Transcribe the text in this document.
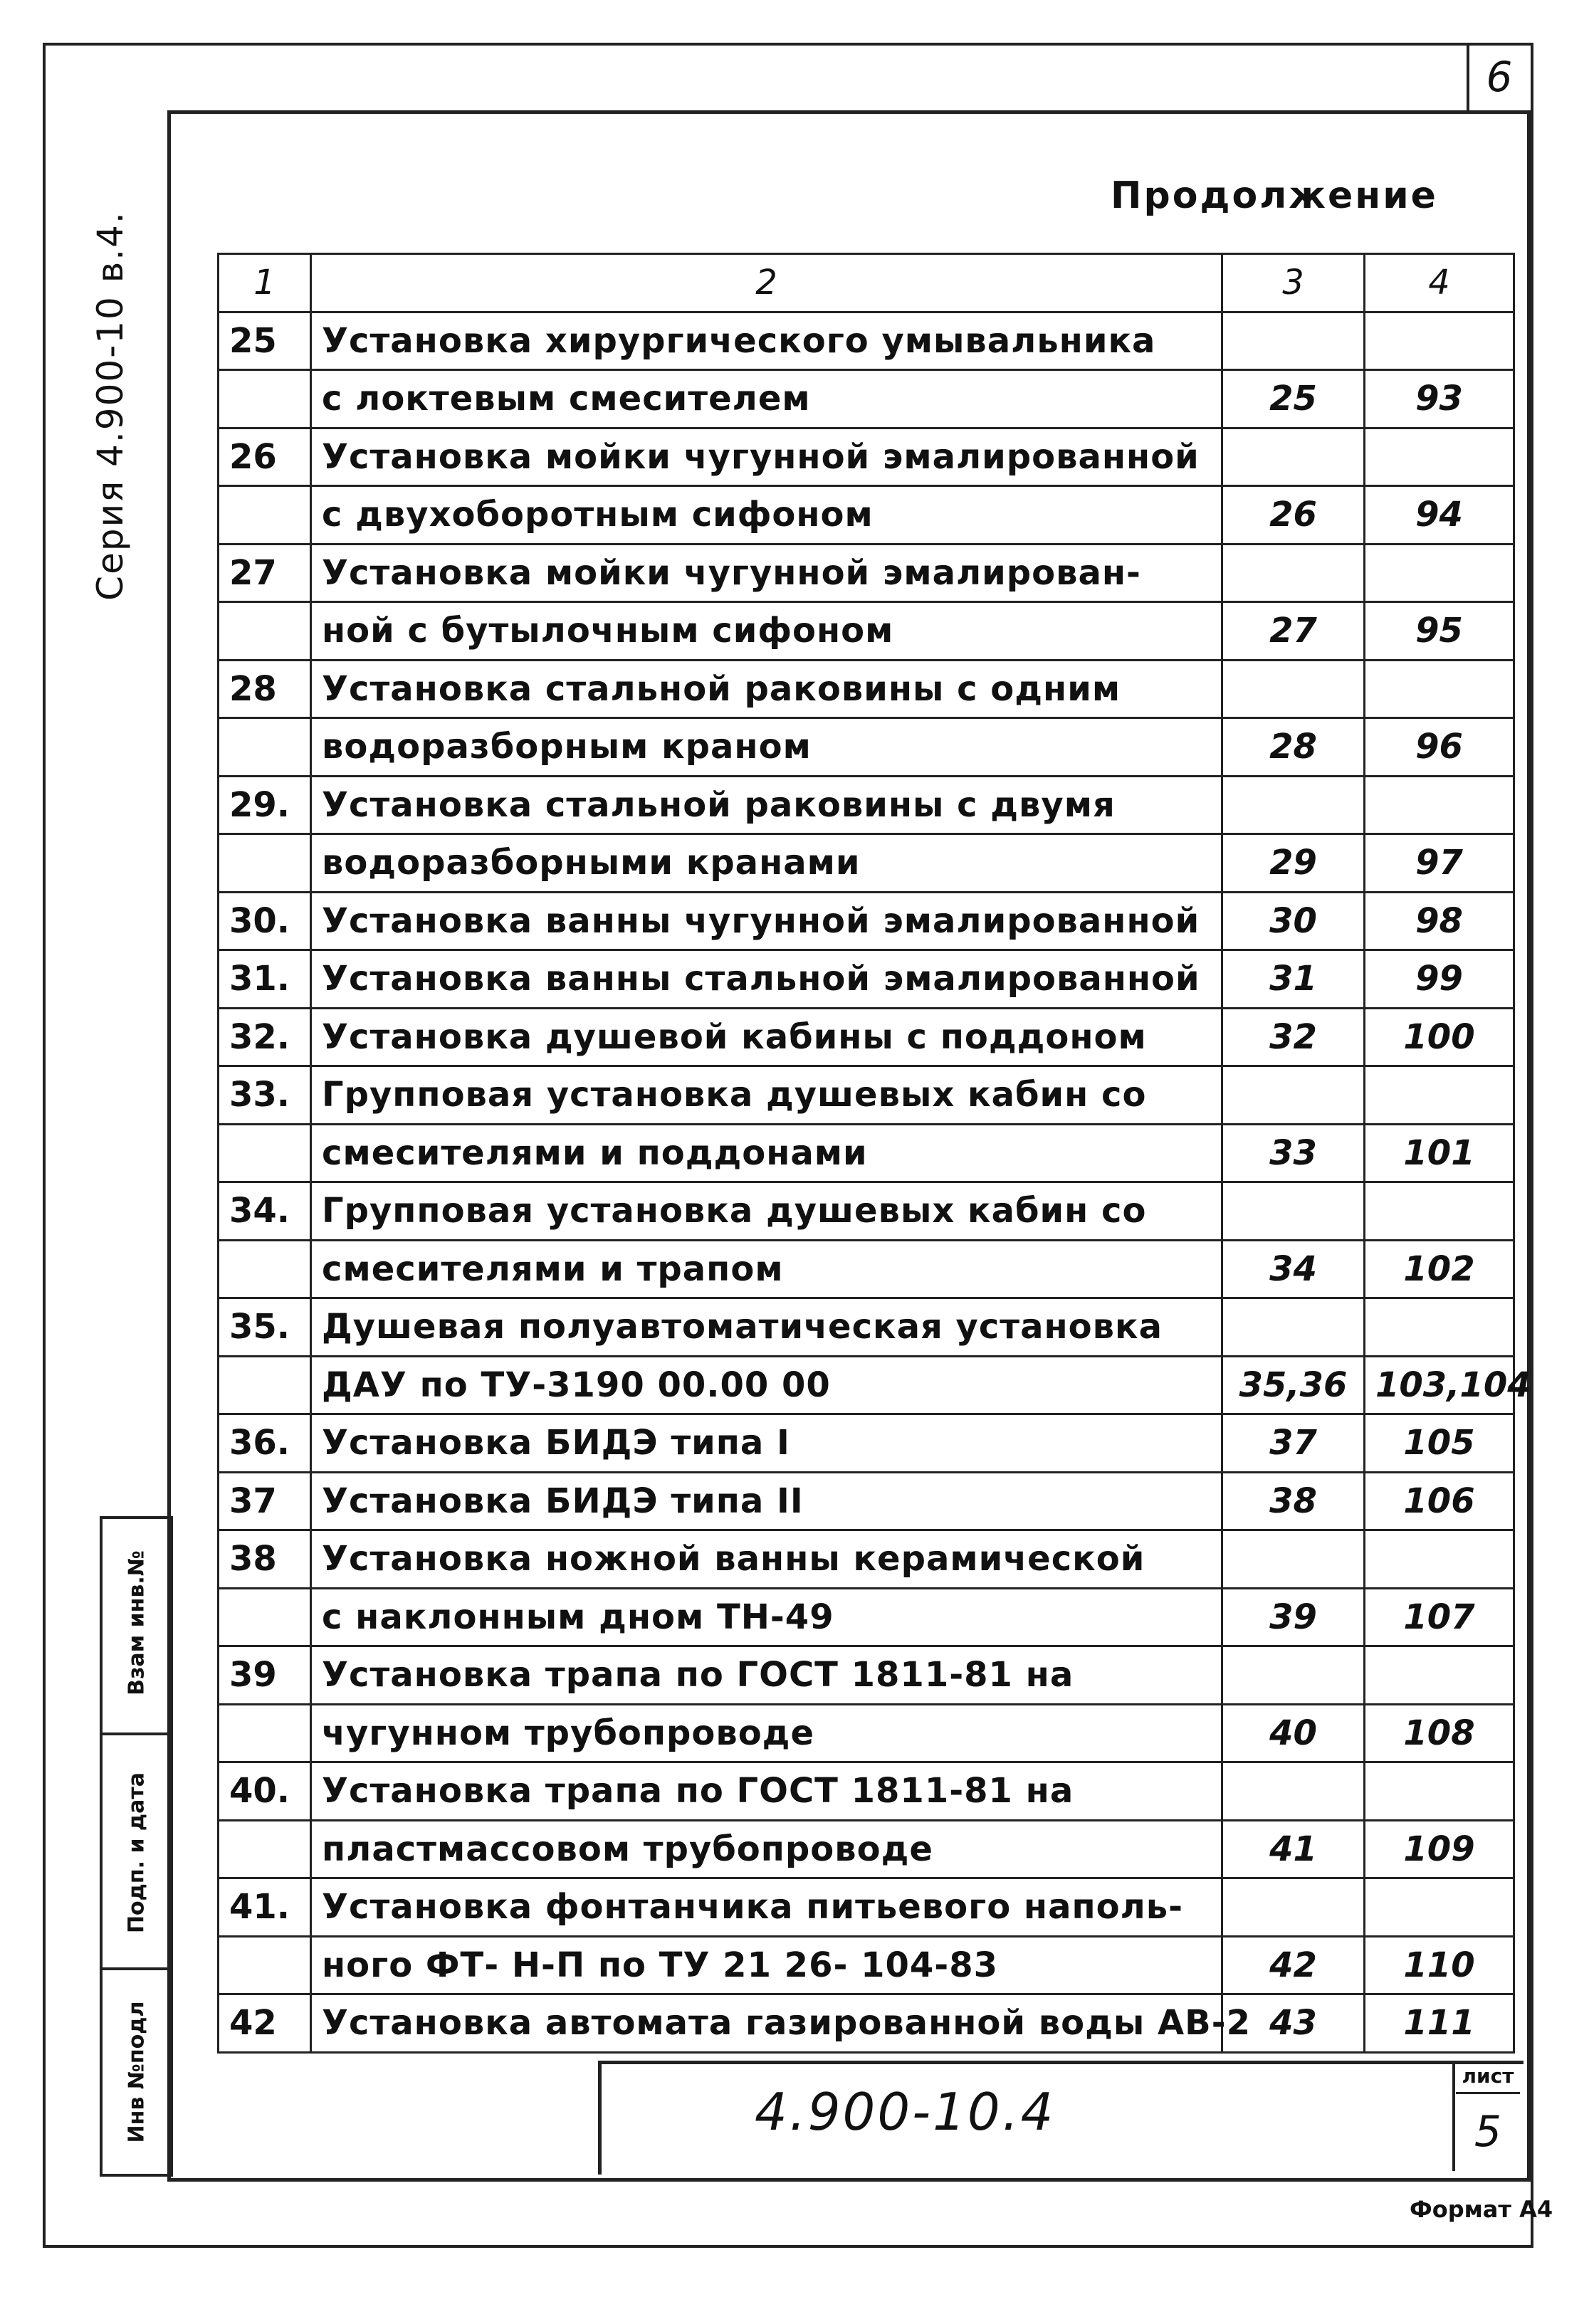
6
Серия 4.900-10 в.4.
Продолжение
1	2	3	4
25	Установка хирургического умывальника		
	с локтевым смесителем	25	93
26	Установка мойки чугунной эмалированной		
	с двухоборотным сифоном	26	94
27	Установка мойки чугунной эмалирован-		
	ной с бутылочным сифоном	27	95
28	Установка стальной раковины с одним		
	водоразборным краном	28	96
29.	Установка стальной раковины с двумя		
	водоразборными кранами	29	97
30.	Установка ванны чугунной эмалированной	30	98
31.	Установка ванны стальной эмалированной	31	99
32.	Установка душевой кабины с поддоном	32	100
33.	Групповая установка душевых кабин со		
	смесителями и поддонами	33	101
34.	Групповая установка душевых кабин со		
	смесителями и трапом	34	102
35.	Душевая полуавтоматическая установка		
	ДАУ по ТУ-3190 00.00 00	35,36	103,104
36.	Установка БИДЭ типа I	37	105
37	Установка БИДЭ типа II	38	106
38	Установка ножной ванны керамической		
	с наклонным дном ТН-49	39	107
39	Установка трапа по ГОСТ 1811-81 на		
	чугунном трубопроводе	40	108
40.	Установка трапа по ГОСТ 1811-81 на		
	пластмассовом трубопроводе	41	109
41.	Установка фонтанчика питьевого наполь-		
	ного ФТ- Н-П по ТУ 21 26- 104-83	42	110
42	Установка автомата газированной воды АВ-2	43	111
Взам инв.№
Подп. и дата
Инв №подл	4.900-10.4
лист
5
Формат А4
